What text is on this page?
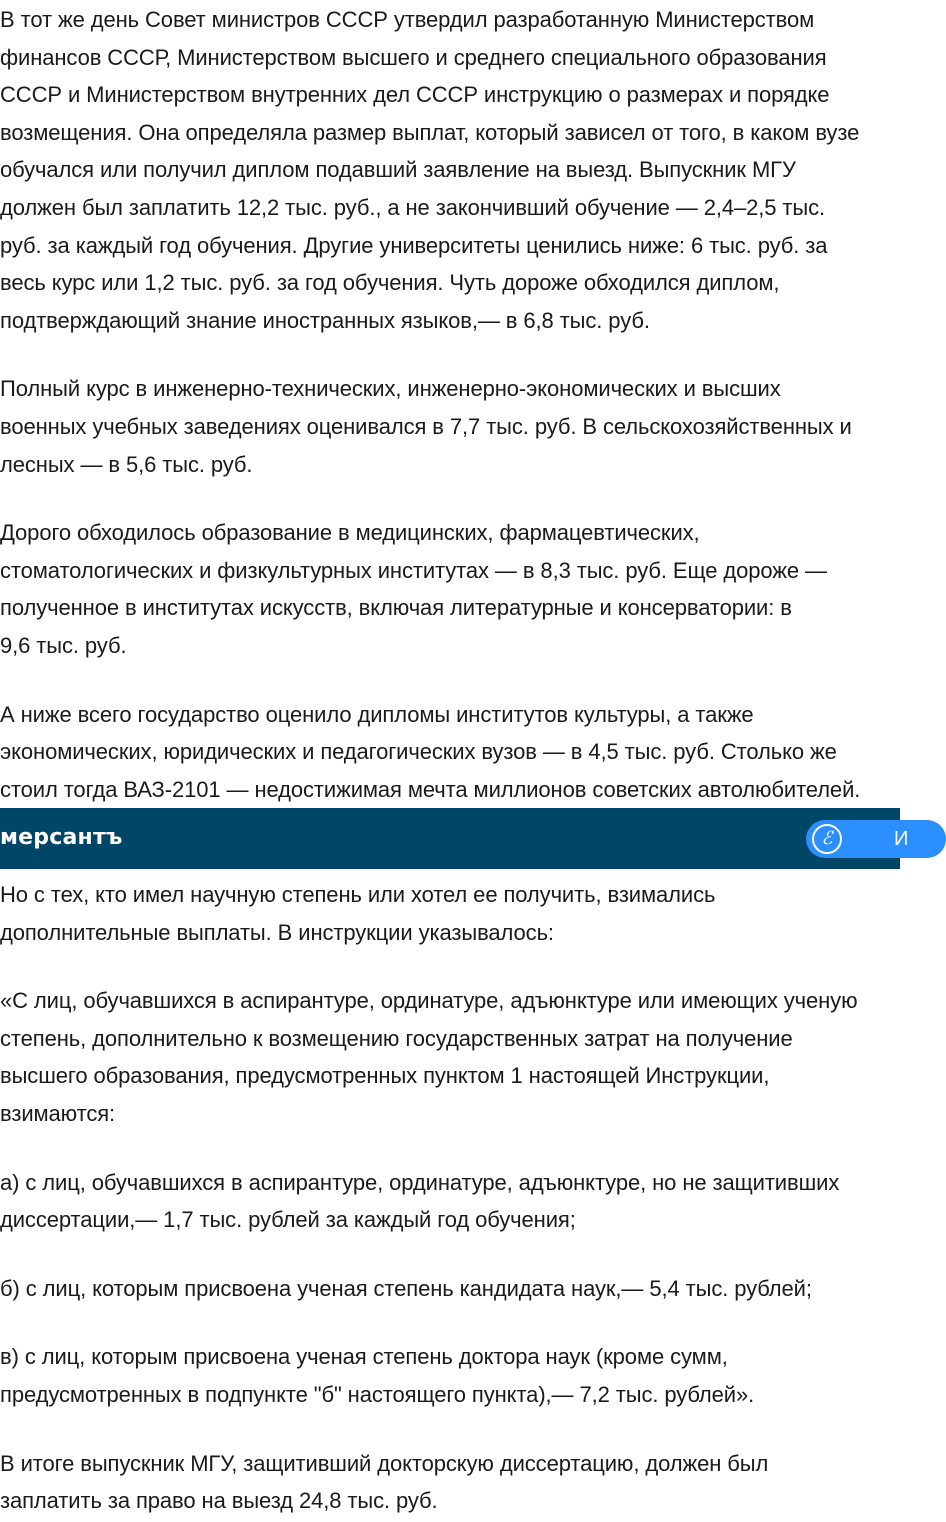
В тот же день Совет министров СССР утвердил разработанную Министерством
финансов СССР, Министерством высшего и среднего специального образования
СССР и Министерством внутренних дел СССР инструкцию о размерах и порядке
возмещения. Она определяла размер выплат, который зависел от того, в каком вузе
обучался или получил диплом подавший заявление на выезд. Выпускник МГУ
должен был заплатить 12,2 тыс. руб., а не закончивший обучение — 2,4–2,5 тыс.
руб. за каждый год обучения. Другие университеты ценились ниже: 6 тыс. руб. за
весь курс или 1,2 тыс. руб. за год обучения. Чуть дороже обходился диплом,
подтверждающий знание иностранных языков,— в 6,8 тыс. руб.

Полный курс в инженерно-технических, инженерно-экономических и высших
военных учебных заведениях оценивался в 7,7 тыс. руб. В сельскохозяйственных и
лесных — в 5,6 тыс. руб.

Дорого обходилось образование в медицинских, фармацевтических,
стоматологических и физкультурных институтах — в 8,3 тыс. руб. Еще дороже —
полученное в институтах искусств, включая литературные и консерватории: в
9,6 тыс. руб.

А ниже всего государство оценило дипломы институтов культуры, а также
экономических, юридических и педагогических вузов — в 4,5 тыс. руб. Столько же
стоил тогда ВАЗ-2101 — недостижимая мечта миллионов советских автолюбителей.

мерсантъ	ℰ	И

Но с тех, кто имел научную степень или хотел ее получить, взимались
дополнительные выплаты. В инструкции указывалось:

«С лиц, обучавшихся в аспирантуре, ординатуре, адъюнктуре или имеющих ученую
степень, дополнительно к возмещению государственных затрат на получение
высшего образования, предусмотренных пунктом 1 настоящей Инструкции,
взимаются:

а) с лиц, обучавшихся в аспирантуре, ординатуре, адъюнктуре, но не защитивших
диссертации,— 1,7 тыс. рублей за каждый год обучения;

б) с лиц, которым присвоена ученая степень кандидата наук,— 5,4 тыс. рублей;

в) с лиц, которым присвоена ученая степень доктора наук (кроме сумм,
предусмотренных в подпункте "б" настоящего пункта),— 7,2 тыс. рублей».

В итоге выпускник МГУ, защитивший докторскую диссертацию, должен был
заплатить за право на выезд 24,8 тыс. руб.
